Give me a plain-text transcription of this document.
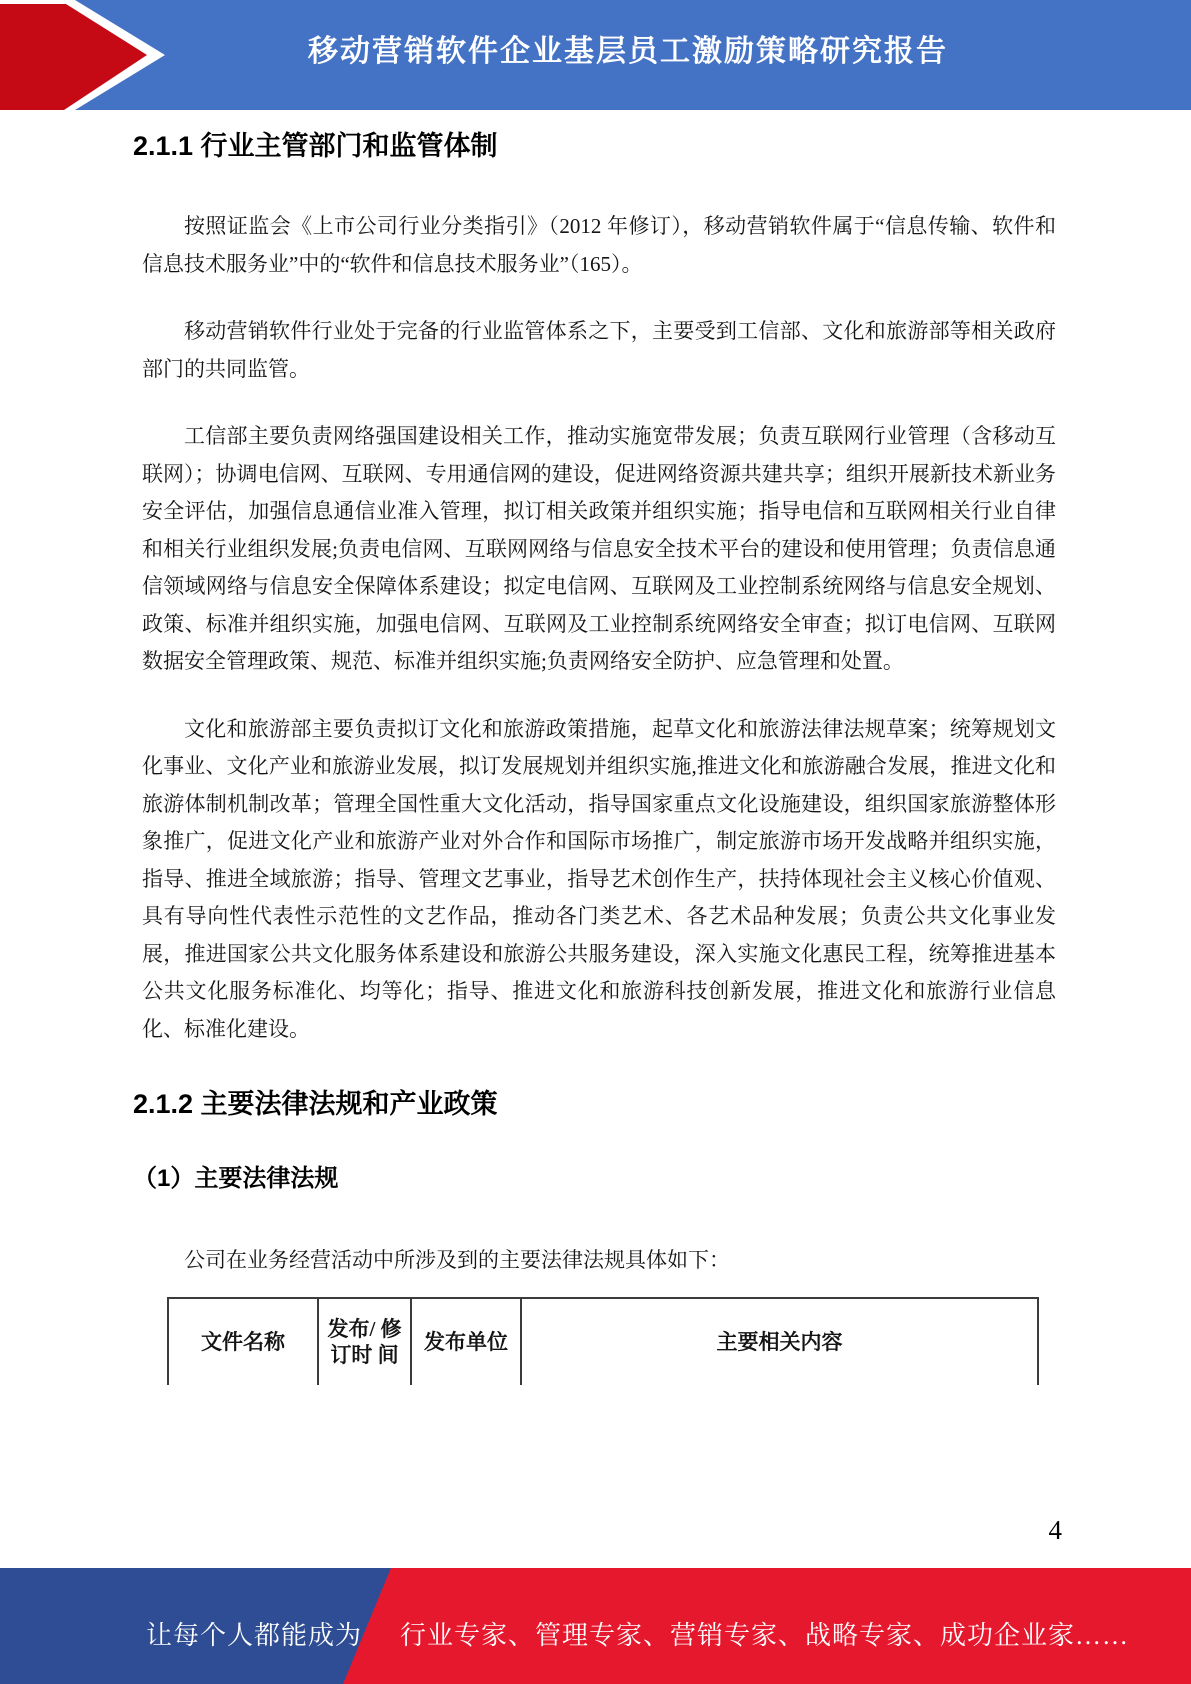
移动营销软件企业基层员工激励策略研究报告
2.1.1 行业主管部门和监管体制

按照证监会《上市公司行业分类指引》（2012 年修订），移动营销软件属于“信息传输、软件和信息技术服务业”中的“软件和信息技术服务业”（165）。

移动营销软件行业处于完备的行业监管体系之下，主要受到工信部、文化和旅游部等相关政府部门的共同监管。

工信部主要负责网络强国建设相关工作，推动实施宽带发展；负责互联网行业管理（含移动互联网）；协调电信网、互联网、专用通信网的建设，促进网络资源共建共享；组织开展新技术新业务安全评估，加强信息通信业准入管理，拟订相关政策并组织实施；指导电信和互联网相关行业自律和相关行业组织发展;负责电信网、互联网网络与信息安全技术平台的建设和使用管理；负责信息通信领域网络与信息安全保障体系建设；拟定电信网、互联网及工业控制系统网络与信息安全规划、政策、标准并组织实施，加强电信网、互联网及工业控制系统网络安全审查；拟订电信网、互联网数据安全管理政策、规范、标准并组织实施;负责网络安全防护、应急管理和处置。

文化和旅游部主要负责拟订文化和旅游政策措施，起草文化和旅游法律法规草案；统筹规划文化事业、文化产业和旅游业发展，拟订发展规划并组织实施,推进文化和旅游融合发展，推进文化和旅游体制机制改革；管理全国性重大文化活动，指导国家重点文化设施建设，组织国家旅游整体形象推广，促进文化产业和旅游产业对外合作和国际市场推广，制定旅游市场开发战略并组织实施，指导、推进全域旅游；指导、管理文艺事业，指导艺术创作生产，扶持体现社会主义核心价值观、具有导向性代表性示范性的文艺作品，推动各门类艺术、各艺术品种发展；负责公共文化事业发展，推进国家公共文化服务体系建设和旅游公共服务建设，深入实施文化惠民工程，统筹推进基本公共文化服务标准化、均等化；指导、推进文化和旅游科技创新发展，推进文化和旅游行业信息化、标准化建设。

2.1.2 主要法律法规和产业政策
（1）主要法律法规

公司在业务经营活动中所涉及到的主要法律法规具体如下：

文件名称
发布/ 修订时 间
发布单位	主要相关内容
4
让每个人都能成为 行业专家、管理专家、营销专家、战略专家、成功企业家……
